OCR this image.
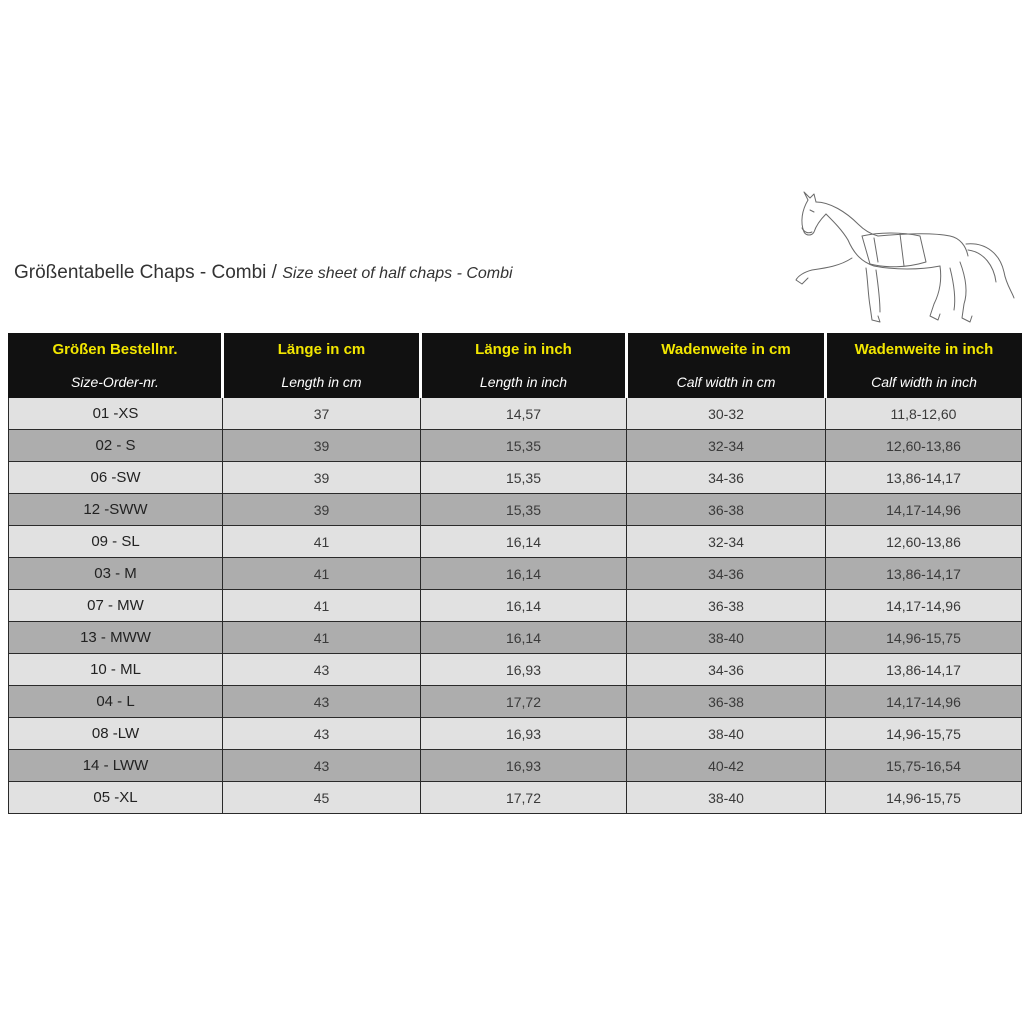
Größentabelle Chaps - Combi / Size sheet of half chaps - Combi
Größen Bestellnr.	Länge in cm	Länge in inch	Wadenweite in cm	Wadenweite in inch
Size-Order-nr.	Length in cm	Length in inch	Calf width in cm	Calf width in inch
01 -XS	37	14,57	30-32	11,8-12,60
02 - S	39	15,35	32-34	12,60-13,86
06 -SW	39	15,35	34-36	13,86-14,17
12 -SWW	39	15,35	36-38	14,17-14,96
09 - SL	41	16,14	32-34	12,60-13,86
03 - M	41	16,14	34-36	13,86-14,17
07 - MW	41	16,14	36-38	14,17-14,96
13 - MWW	41	16,14	38-40	14,96-15,75
10 - ML	43	16,93	34-36	13,86-14,17
04 - L	43	17,72	36-38	14,17-14,96
08 -LW	43	16,93	38-40	14,96-15,75
14 - LWW	43	16,93	40-42	15,75-16,54
05 -XL	45	17,72	38-40	14,96-15,75
